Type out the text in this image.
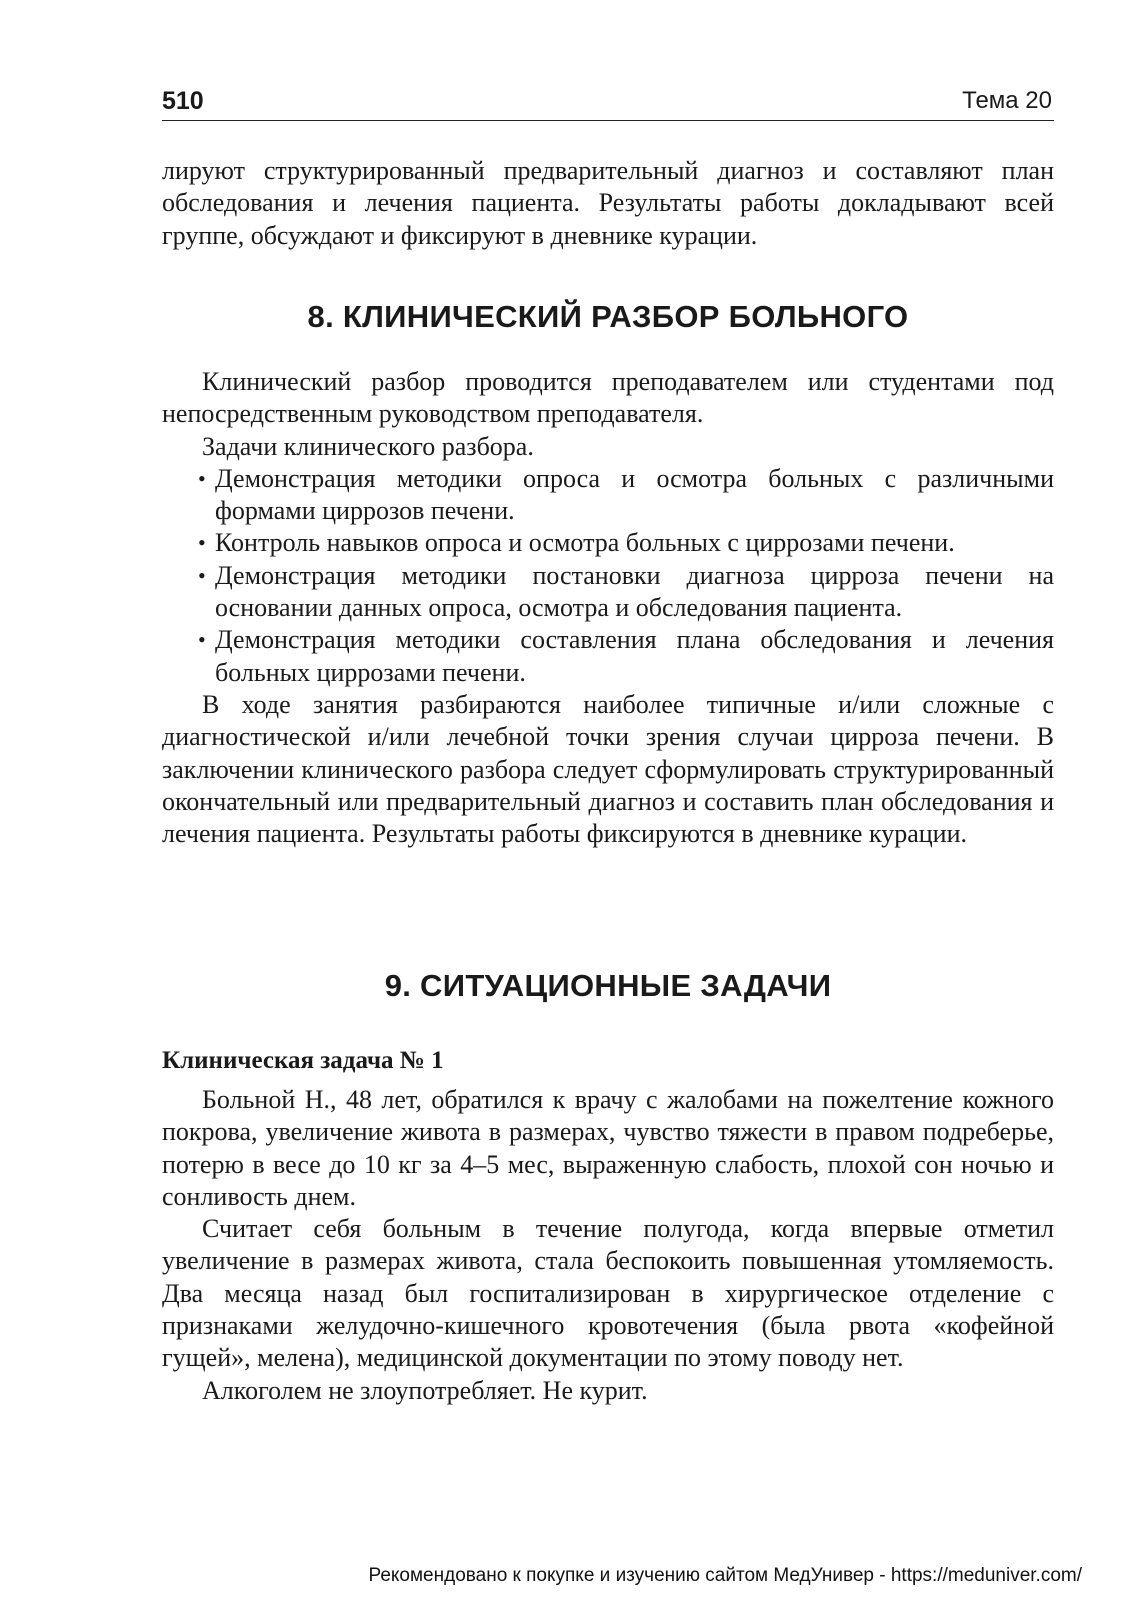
510	Тема 20

лируют структурированный предварительный диагноз и составляют план обследования и лечения пациента. Результаты работы докладывают всей группе, обсуждают и фиксируют в дневнике курации.

8. КЛИНИЧЕСКИЙ РАЗБОР БОЛЬНОГО

Клинический разбор проводится преподавателем или студентами под непосредственным руководством преподавателя.

Задачи клинического разбора.

• Демонстрация методики опроса и осмотра больных с различными формами циррозов печени.
• Контроль навыков опроса и осмотра больных с циррозами печени.
• Демонстрация методики постановки диагноза цирроза печени на основании данных опроса, осмотра и обследования пациента.
• Демонстрация методики составления плана обследования и лечения больных циррозами печени.

В ходе занятия разбираются наиболее типичные и/или сложные с диагностической и/или лечебной точки зрения случаи цирроза печени. В заключении клинического разбора следует сформулировать структурированный окончательный или предварительный диагноз и составить план обследования и лечения пациента. Результаты работы фиксируются в дневнике курации.

9. СИТУАЦИОННЫЕ ЗАДАЧИ
Клиническая задача № 1

Больной Н., 48 лет, обратился к врачу с жалобами на пожелтение кожного покрова, увеличение живота в размерах, чувство тяжести в правом подреберье, потерю в весе до 10 кг за 4–5 мес, выраженную слабость, плохой сон ночью и сонливость днем.

Считает себя больным в течение полугода, когда впервые отметил увеличение в размерах живота, стала беспокоить повышенная утомляемость. Два месяца назад был госпитализирован в хирургическое отделение с признаками желудочно-кишечного кровотечения (была рвота «кофейной гущей», мелена), медицинской документации по этому поводу нет.

Алкоголем не злоупотребляет. Не курит.

Рекомендовано к покупке и изучению сайтом МедУнивер - https://meduniver.com/
